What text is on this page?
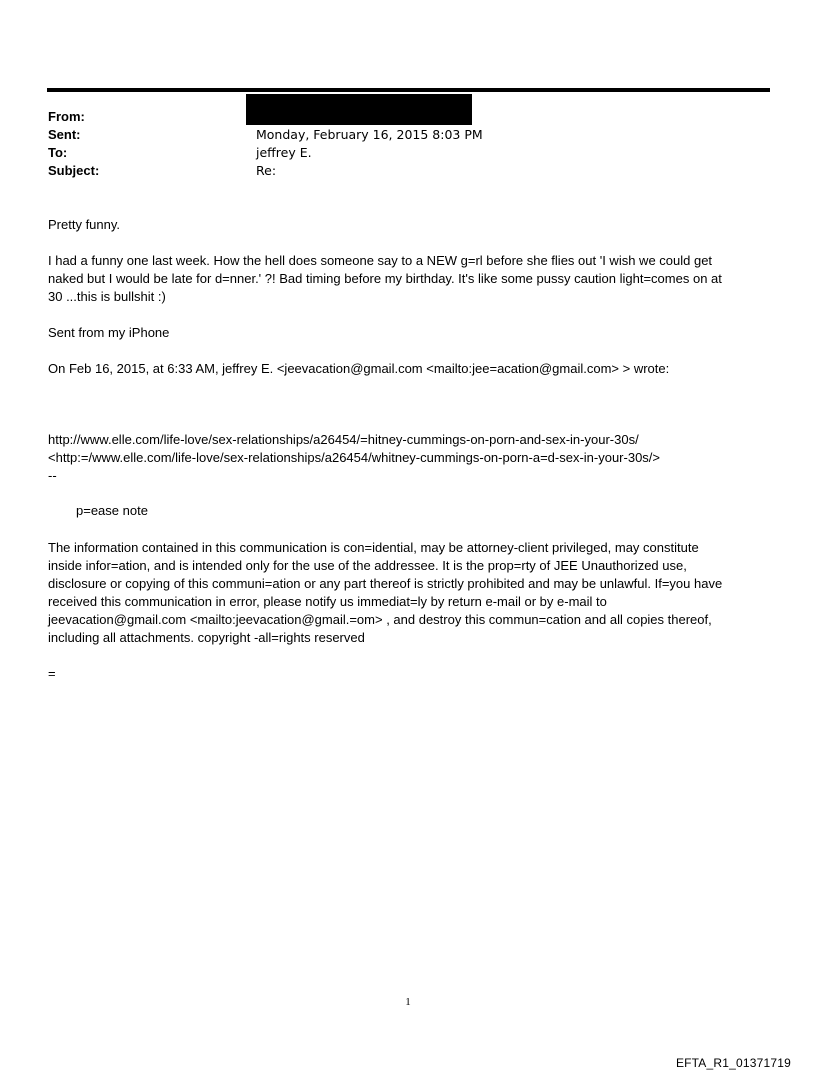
From:
Sent:
To:
Subject:
Monday, February 16, 2015 8:03 PM
jeffrey E.
Re:
Pretty funny.
I had a funny one last week. How the hell does someone say to a NEW g=rl before she flies out 'I wish we could get
naked but I would be late for d=nner.' ?! Bad timing before my birthday. It's like some pussy caution light=comes on at
30 ...this is bullshit :)
Sent from my iPhone
On Feb 16, 2015, at 6:33 AM, jeffrey E. <jeevacation@gmail.com <mailto:jee=acation@gmail.com> > wrote:
http://www.elle.com/life-love/sex-relationships/a26454/=hitney-cummings-on-porn-and-sex-in-your-30s/
<http:=/www.elle.com/life-love/sex-relationships/a26454/whitney-cummings-on-porn-a=d-sex-in-your-30s/>
--
p=ease note
The information contained in this communication is con=idential, may be attorney-client privileged, may constitute
inside infor=ation, and is intended only for the use of the addressee. It is the prop=rty of JEE Unauthorized use,
disclosure or copying of this communi=ation or any part thereof is strictly prohibited and may be unlawful. If=you have
received this communication in error, please notify us immediat=ly by return e-mail or by e-mail to
jeevacation@gmail.com <mailto:jeevacation@gmail.=om> , and destroy this commun=cation and all copies thereof,
including all attachments. copyright -all=rights reserved
=
1
EFTA_R1_01371719
